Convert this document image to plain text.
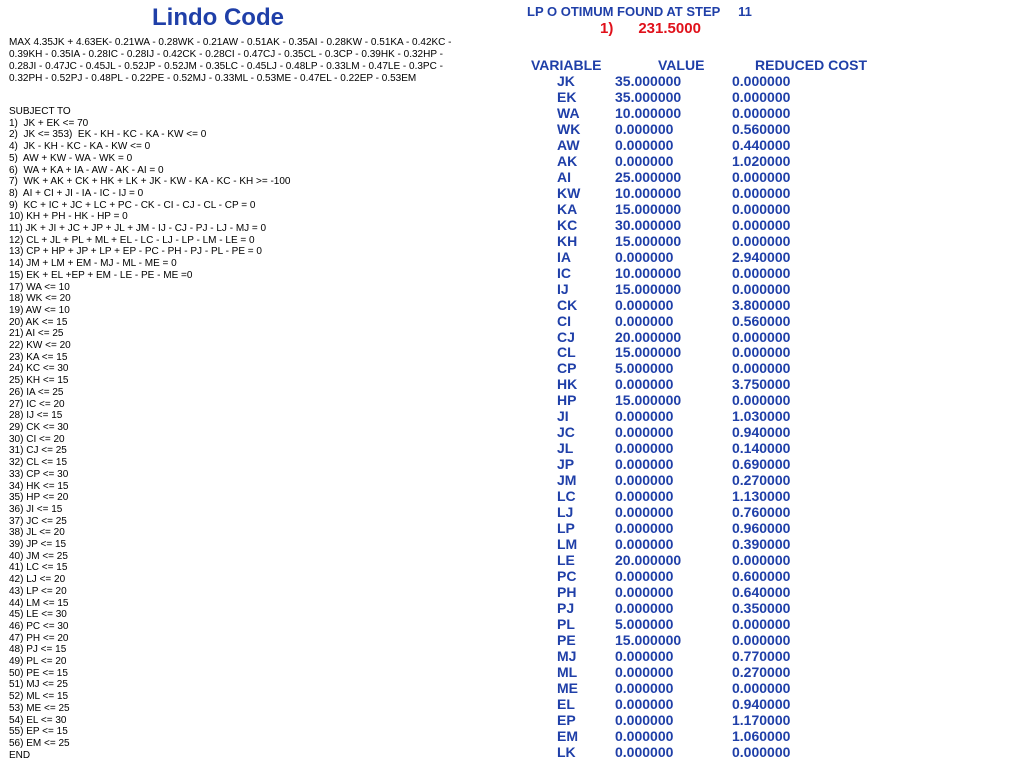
Lindo Code
MAX 4.35JK + 4.63EK- 0.21WA - 0.28WK - 0.21AW - 0.51AK - 0.35AI - 0.28KW - 0.51KA - 0.42KC - 0.39KH - 0.35IA - 0.28IC - 0.28IJ - 0.42CK - 0.28CI - 0.47CJ - 0.35CL - 0.3CP - 0.39HK - 0.32HP - 0.28JI - 0.47JC - 0.45JL - 0.52JP - 0.52JM - 0.35LC - 0.45LJ - 0.48LP - 0.33LM - 0.47LE - 0.3PC - 0.32PH - 0.52PJ - 0.48PL - 0.22PE - 0.52MJ - 0.33ML - 0.53ME - 0.47EL - 0.22EP - 0.53EM
SUBJECT TO
1)  JK + EK <= 70
2)  JK <= 353)  EK - KH - KC - KA - KW <= 0
4)  JK - KH - KC - KA - KW <= 0
5)  AW + KW - WA - WK = 0
6)  WA + KA + IA - AW - AK - AI = 0
7)  WK + AK + CK + HK + LK + JK - KW - KA - KC - KH >= -100
8)  AI + CI + JI - IA - IC - IJ = 0
9)  KC + IC + JC + LC + PC - CK - CI - CJ - CL - CP = 0
10) KH + PH - HK - HP = 0
11) JK + JI + JC + JP + JL + JM - IJ - CJ - PJ - LJ - MJ = 0
12) CL + JL + PL + ML + EL - LC - LJ - LP - LM - LE = 0
13) CP + HP + JP + LP + EP - PC - PH - PJ - PL - PE = 0
14) JM + LM + EM - MJ - ML - ME = 0
15) EK + EL +EP + EM - LE - PE - ME =0
17) WA <= 10
18) WK <= 20
19) AW <= 10
20) AK <= 15
21) AI <= 25
22) KW <= 20
23) KA <= 15
24) KC <= 30
25) KH <= 15
26) IA <= 25
27) IC <= 20
28) IJ <= 15
29) CK <= 30
30) CI <= 20
31) CJ <= 25
32) CL <= 15
33) CP <= 30
34) HK <= 15
35) HP <= 20
36) JI <= 15
37) JC <= 25
38) JL <= 20
39) JP <= 15
40) JM <= 25
41) LC <= 15
42) LJ <= 20
43) LP <= 20
44) LM <= 15
45) LE <= 30
46) PC <= 30
47) PH <= 20
48) PJ <= 15
49) PL <= 20
50) PE <= 15
51) MJ <= 25
52) ML <= 15
53) ME <= 25
54) EL <= 30
55) EP <= 15
56) EM <= 25
END
LP O OTIMUM FOUND AT STEP     11
1)      231.5000
VARIABLE	VALUE	REDUCED COST
JK	35.000000	0.000000
EK	35.000000	0.000000
WA	10.000000	0.000000
WK 0.000000	0.560000
AW	0.000000	0.440000
AK	0.000000	1.020000
AI	25.000000	0.000000
KW 10.000000	0.000000
KA	15.000000	0.000000
KC	30.000000	0.000000
KH	15.000000	0.000000
IA	0.000000	2.940000
IC	10.000000	0.000000
IJ	15.000000	0.000000
CK	0.000000	3.800000
CI	0.000000	0.560000
CJ	20.000000	0.000000
CL	15.000000	0.000000
CP	5.000000	0.000000
HK	0.000000	3.750000
HP	15.000000	0.000000
JI	0.000000	1.030000
JC	0.000000	0.940000
JL	0.000000	0.140000
JP	0.000000	0.690000
JM	0.000000	0.270000
LC	0.000000	1.130000
LJ	0.000000	0.760000
LP	0.000000	0.960000
LM	0.000000	0.390000
LE	20.000000	0.000000
PC	0.000000	0.600000
PH	0.000000	0.640000
PJ	0.000000	0.350000
PL	5.000000	0.000000
PE	15.000000	0.000000
MJ	0.000000	0.770000
ML	0.000000	0.270000
ME	0.000000	0.000000
EL	0.000000	0.940000
EP	0.000000	1.170000
EM	0.000000	1.060000
LK	0.000000	0.000000
